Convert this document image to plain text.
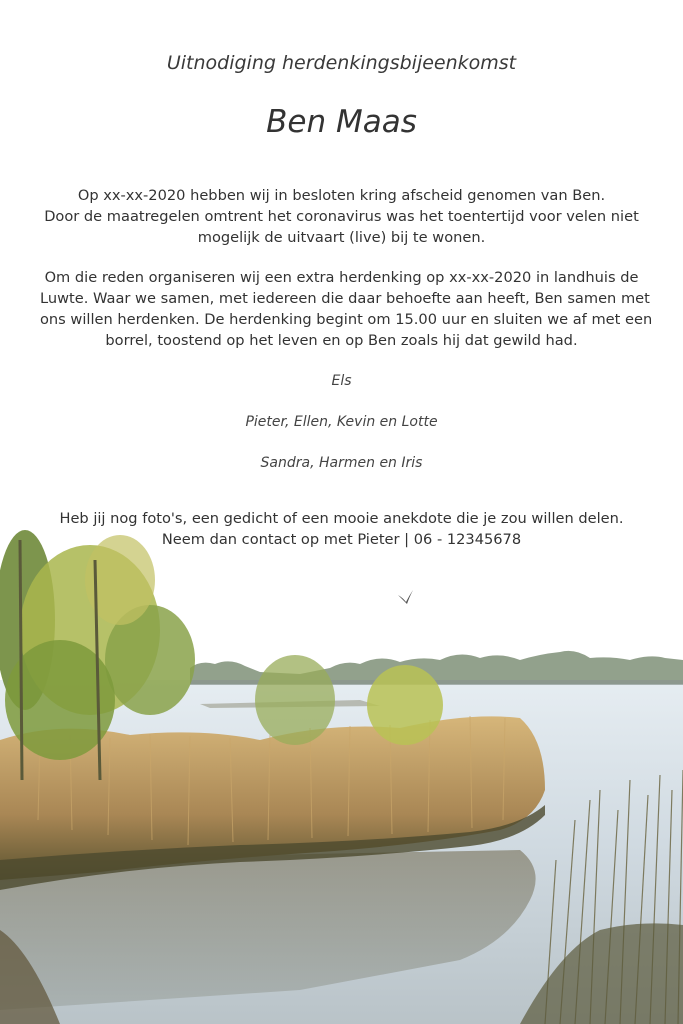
Uitnodiging herdenkingsbijeenkomst
Ben Maas
Op xx-xx-2020 hebben wij in besloten kring afscheid genomen van Ben.
Door de maatregelen omtrent het coronavirus was het toentertijd voor velen niet
mogelijk de uitvaart (live) bij te wonen.
Om die reden organiseren wij een extra herdenking op xx-xx-2020 in landhuis de
Luwte. Waar we samen, met iedereen die daar behoefte aan heeft, Ben samen met
ons willen herdenken. De herdenking begint om 15.00 uur en sluiten we af met een
borrel, toostend op het leven en op Ben zoals hij dat gewild had.
Els
Pieter, Ellen, Kevin en Lotte
Sandra, Harmen en Iris
Heb jij nog foto's, een gedicht of een mooie anekdote die je zou willen delen.
Neem dan contact op met Pieter | 06 - 12345678
